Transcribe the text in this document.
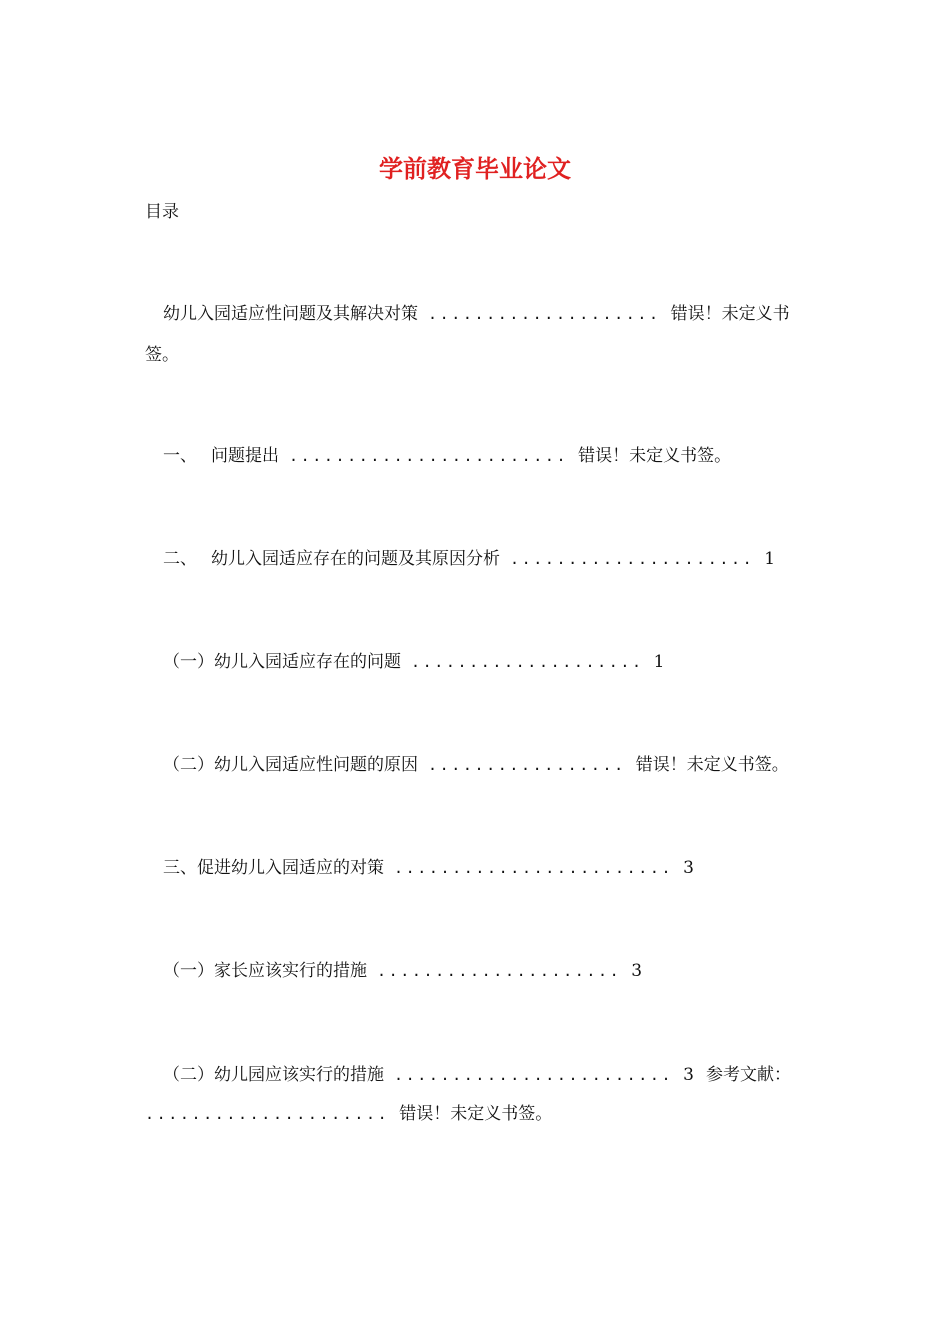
学前教育毕业论文
目录
幼儿入园适应性问题及其解决对策 .................... 错误！未定义书
签。
一、 问题提出 ........................ 错误！未定义书签。
二、 幼儿入园适应存在的问题及其原因分析 ..................... 1
（一）幼儿入园适应存在的问题 .................... 1
（二）幼儿入园适应性问题的原因 ................. 错误！未定义书签。
三、促进幼儿入园适应的对策 ........................ 3
（一）家长应该实行的措施 ..................... 3
（二）幼儿园应该实行的措施 ........................ 3 参考文献：
..................... 错误！未定义书签。
